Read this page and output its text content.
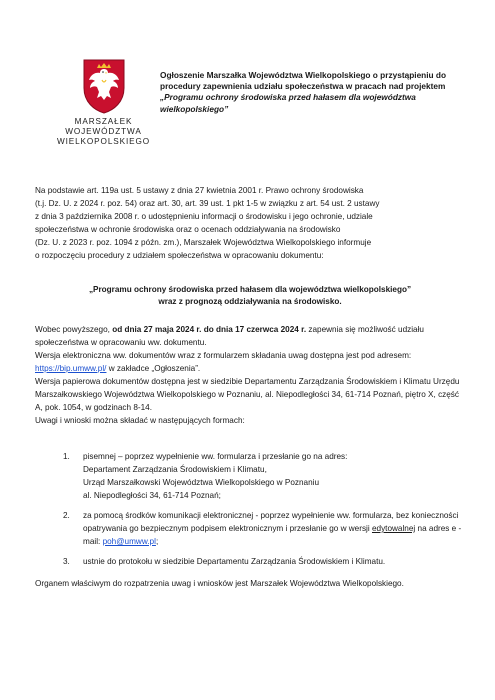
MARSZAŁEK
WOJEWÓDZTWA
WIELKOPOLSKIEGO
Ogłoszenie Marszałka Województwa Wielkopolskiego o przystąpieniu do procedury zapewnienia udziału społeczeństwa w pracach nad projektem „Programu ochrony środowiska przed hałasem dla województwa wielkopolskiego”
Na podstawie art. 119a ust. 5 ustawy z dnia 27 kwietnia 2001 r. Prawo ochrony środowiska
(t.j. Dz. U. z 2024 r. poz. 54) oraz art. 30, art. 39 ust. 1 pkt 1-5 w związku z art. 54 ust. 2 ustawy
z dnia 3 października 2008 r. o udostępnieniu informacji o środowisku i jego ochronie, udziale
społeczeństwa w ochronie środowiska oraz o ocenach oddziaływania na środowisko
(Dz. U. z 2023 r. poz. 1094 z późn. zm.), Marszałek Województwa Wielkopolskiego informuje
o rozpoczęciu procedury z udziałem społeczeństwa w opracowaniu dokumentu:
„Programu ochrony środowiska przed hałasem dla województwa wielkopolskiego”
wraz z prognozą oddziaływania na środowisko.
Wobec powyższego, od dnia 27 maja 2024 r. do dnia 17 czerwca 2024 r. zapewnia się możliwość udziału społeczeństwa w opracowaniu ww. dokumentu.
Wersja elektroniczna ww. dokumentów wraz z formularzem składania uwag dostępna jest pod adresem: https://bip.umww.pl/ w zakładce „Ogłoszenia”.
Wersja papierowa dokumentów dostępna jest w siedzibie Departamentu Zarządzania Środowiskiem i Klimatu Urzędu Marszałkowskiego Województwa Wielkopolskiego w Poznaniu, al. Niepodległości 34, 61-714 Poznań, piętro X, część A, pok. 1054, w godzinach 8-14.
Uwagi i wnioski można składać w następujących formach:
1. pisemnej – poprzez wypełnienie ww. formularza i przesłanie go na adres:
Departament Zarządzania Środowiskiem i Klimatu,
Urząd Marszałkowski Województwa Wielkopolskiego w Poznaniu
al. Niepodległości 34, 61-714 Poznań;
2. za pomocą środków komunikacji elektronicznej - poprzez wypełnienie ww. formularza, bez konieczności opatrywania go bezpiecznym podpisem elektronicznym i przesłanie go w wersji edytowalnej na adres e -mail: poh@umww.pl;
3. ustnie do protokołu w siedzibie Departamentu Zarządzania Środowiskiem i Klimatu.
Organem właściwym do rozpatrzenia uwag i wniosków jest Marszałek Województwa Wielkopolskiego.
